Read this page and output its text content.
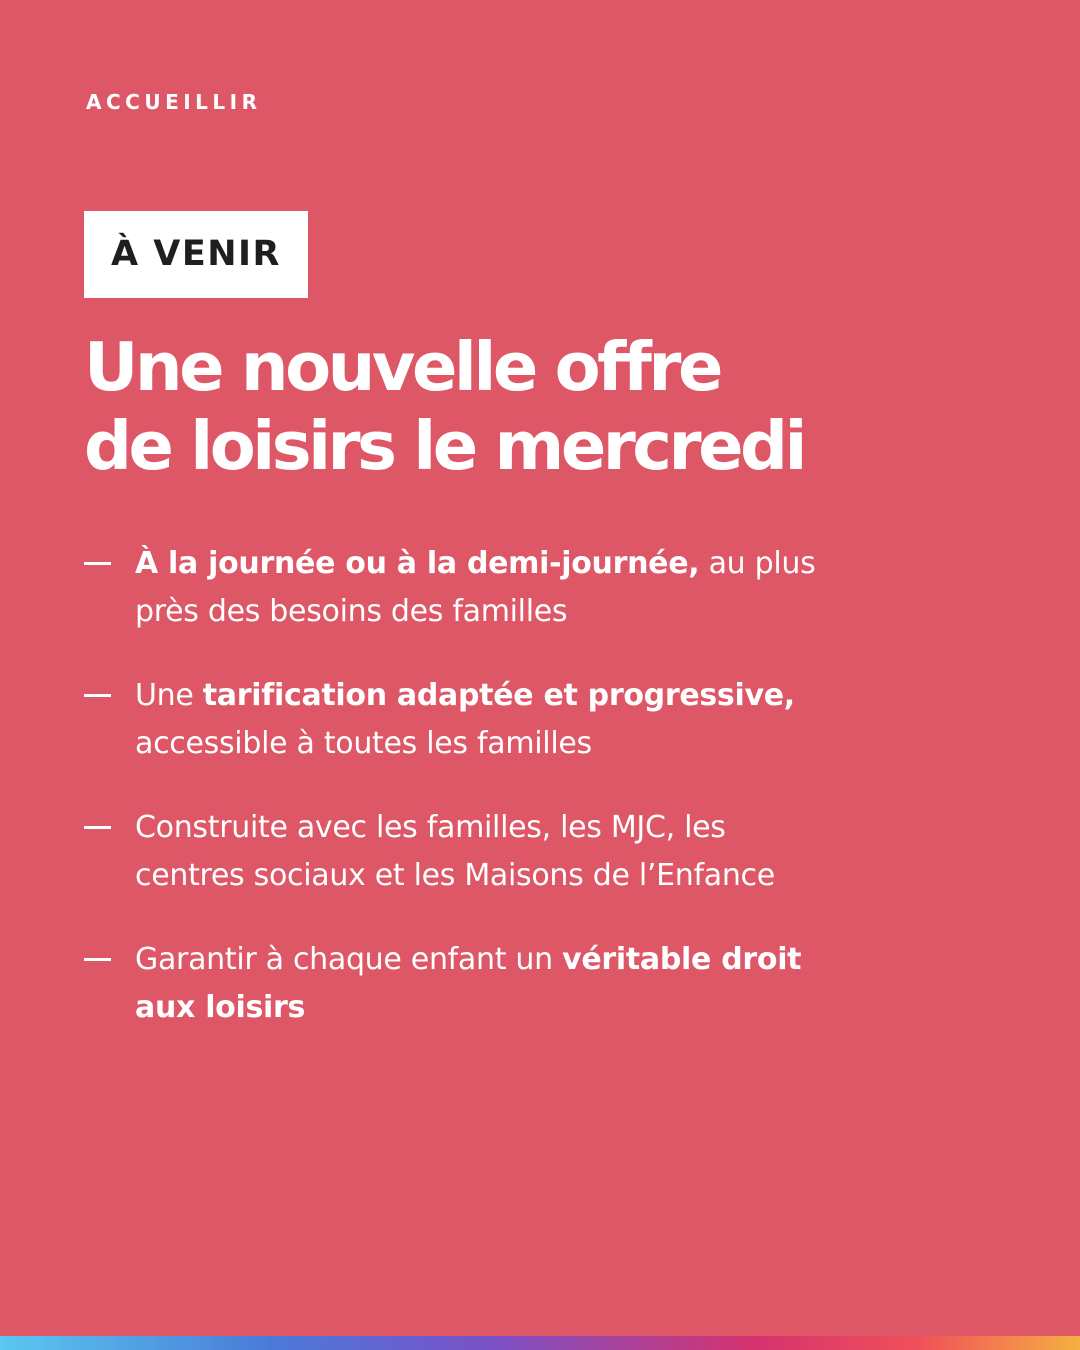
ACCUEILLIR
À VENIR
Une nouvelle offre
de loisirs le mercredi
À la journée ou à la demi-journée, au plus
près des besoins des familles
Une tarification adaptée et progressive,
accessible à toutes les familles
Construite avec les familles, les MJC, les
centres sociaux et les Maisons de l’Enfance
Garantir à chaque enfant un véritable droit
aux loisirs
